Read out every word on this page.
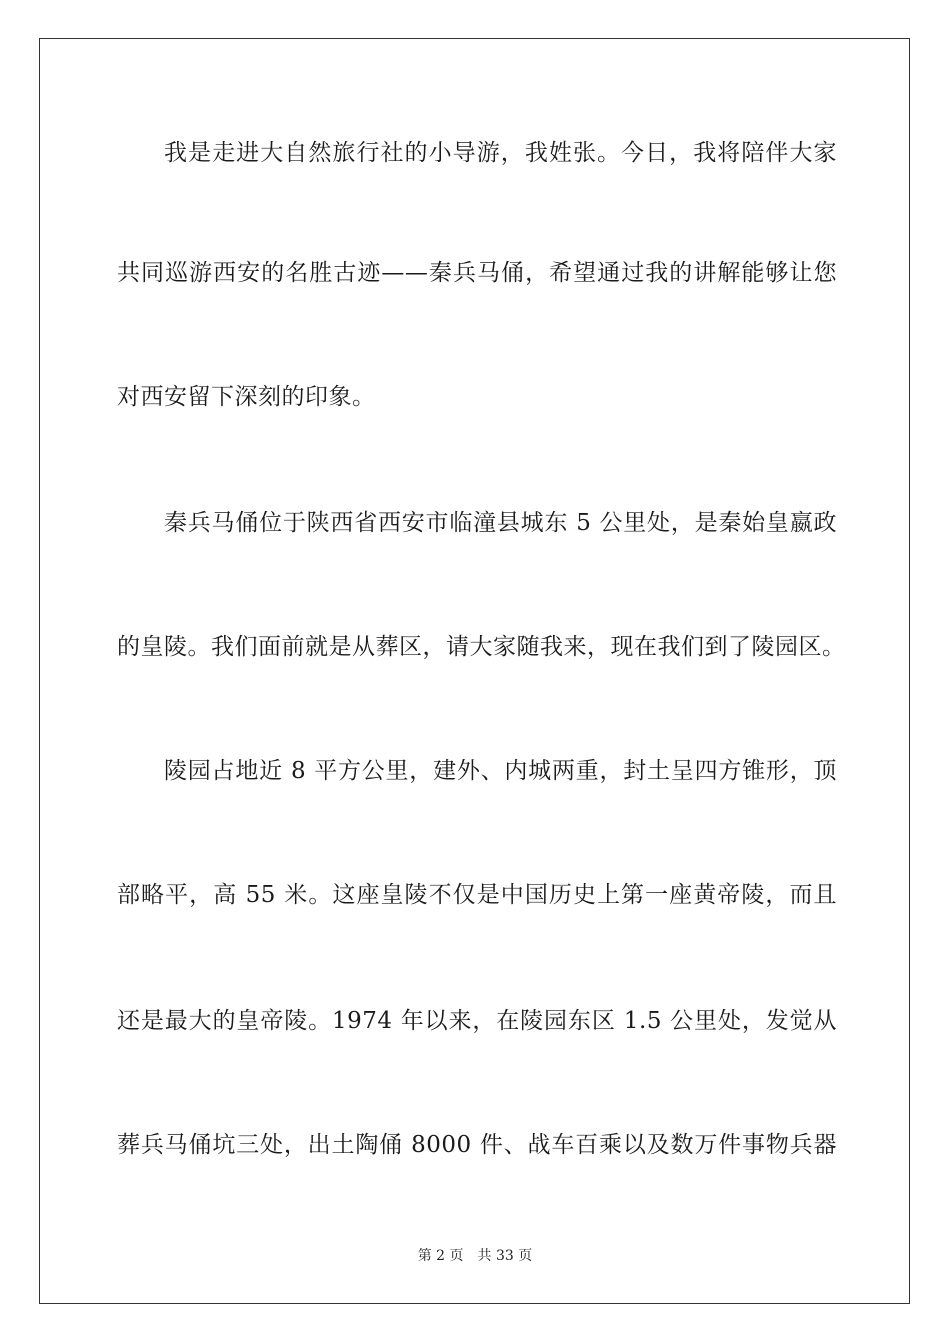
我是走进大自然旅行社的小导游，我姓张。今日，我将陪伴大家
共同巡游西安的名胜古迹——秦兵马俑，希望通过我的讲解能够让您
对西安留下深刻的印象。
秦兵马俑位于陕西省西安市临潼县城东 5 公里处，是秦始皇嬴政
的皇陵。我们面前就是从葬区，请大家随我来，现在我们到了陵园区。
陵园占地近 8 平方公里，建外、内城两重，封土呈四方锥形，顶
部略平，高 55 米。这座皇陵不仅是中国历史上第一座黄帝陵，而且
还是最大的皇帝陵。1974 年以来，在陵园东区 1.5 公里处，发觉从
葬兵马俑坑三处，出土陶俑 8000 件、战车百乘以及数万件事物兵器
第 2 页 共 33 页
